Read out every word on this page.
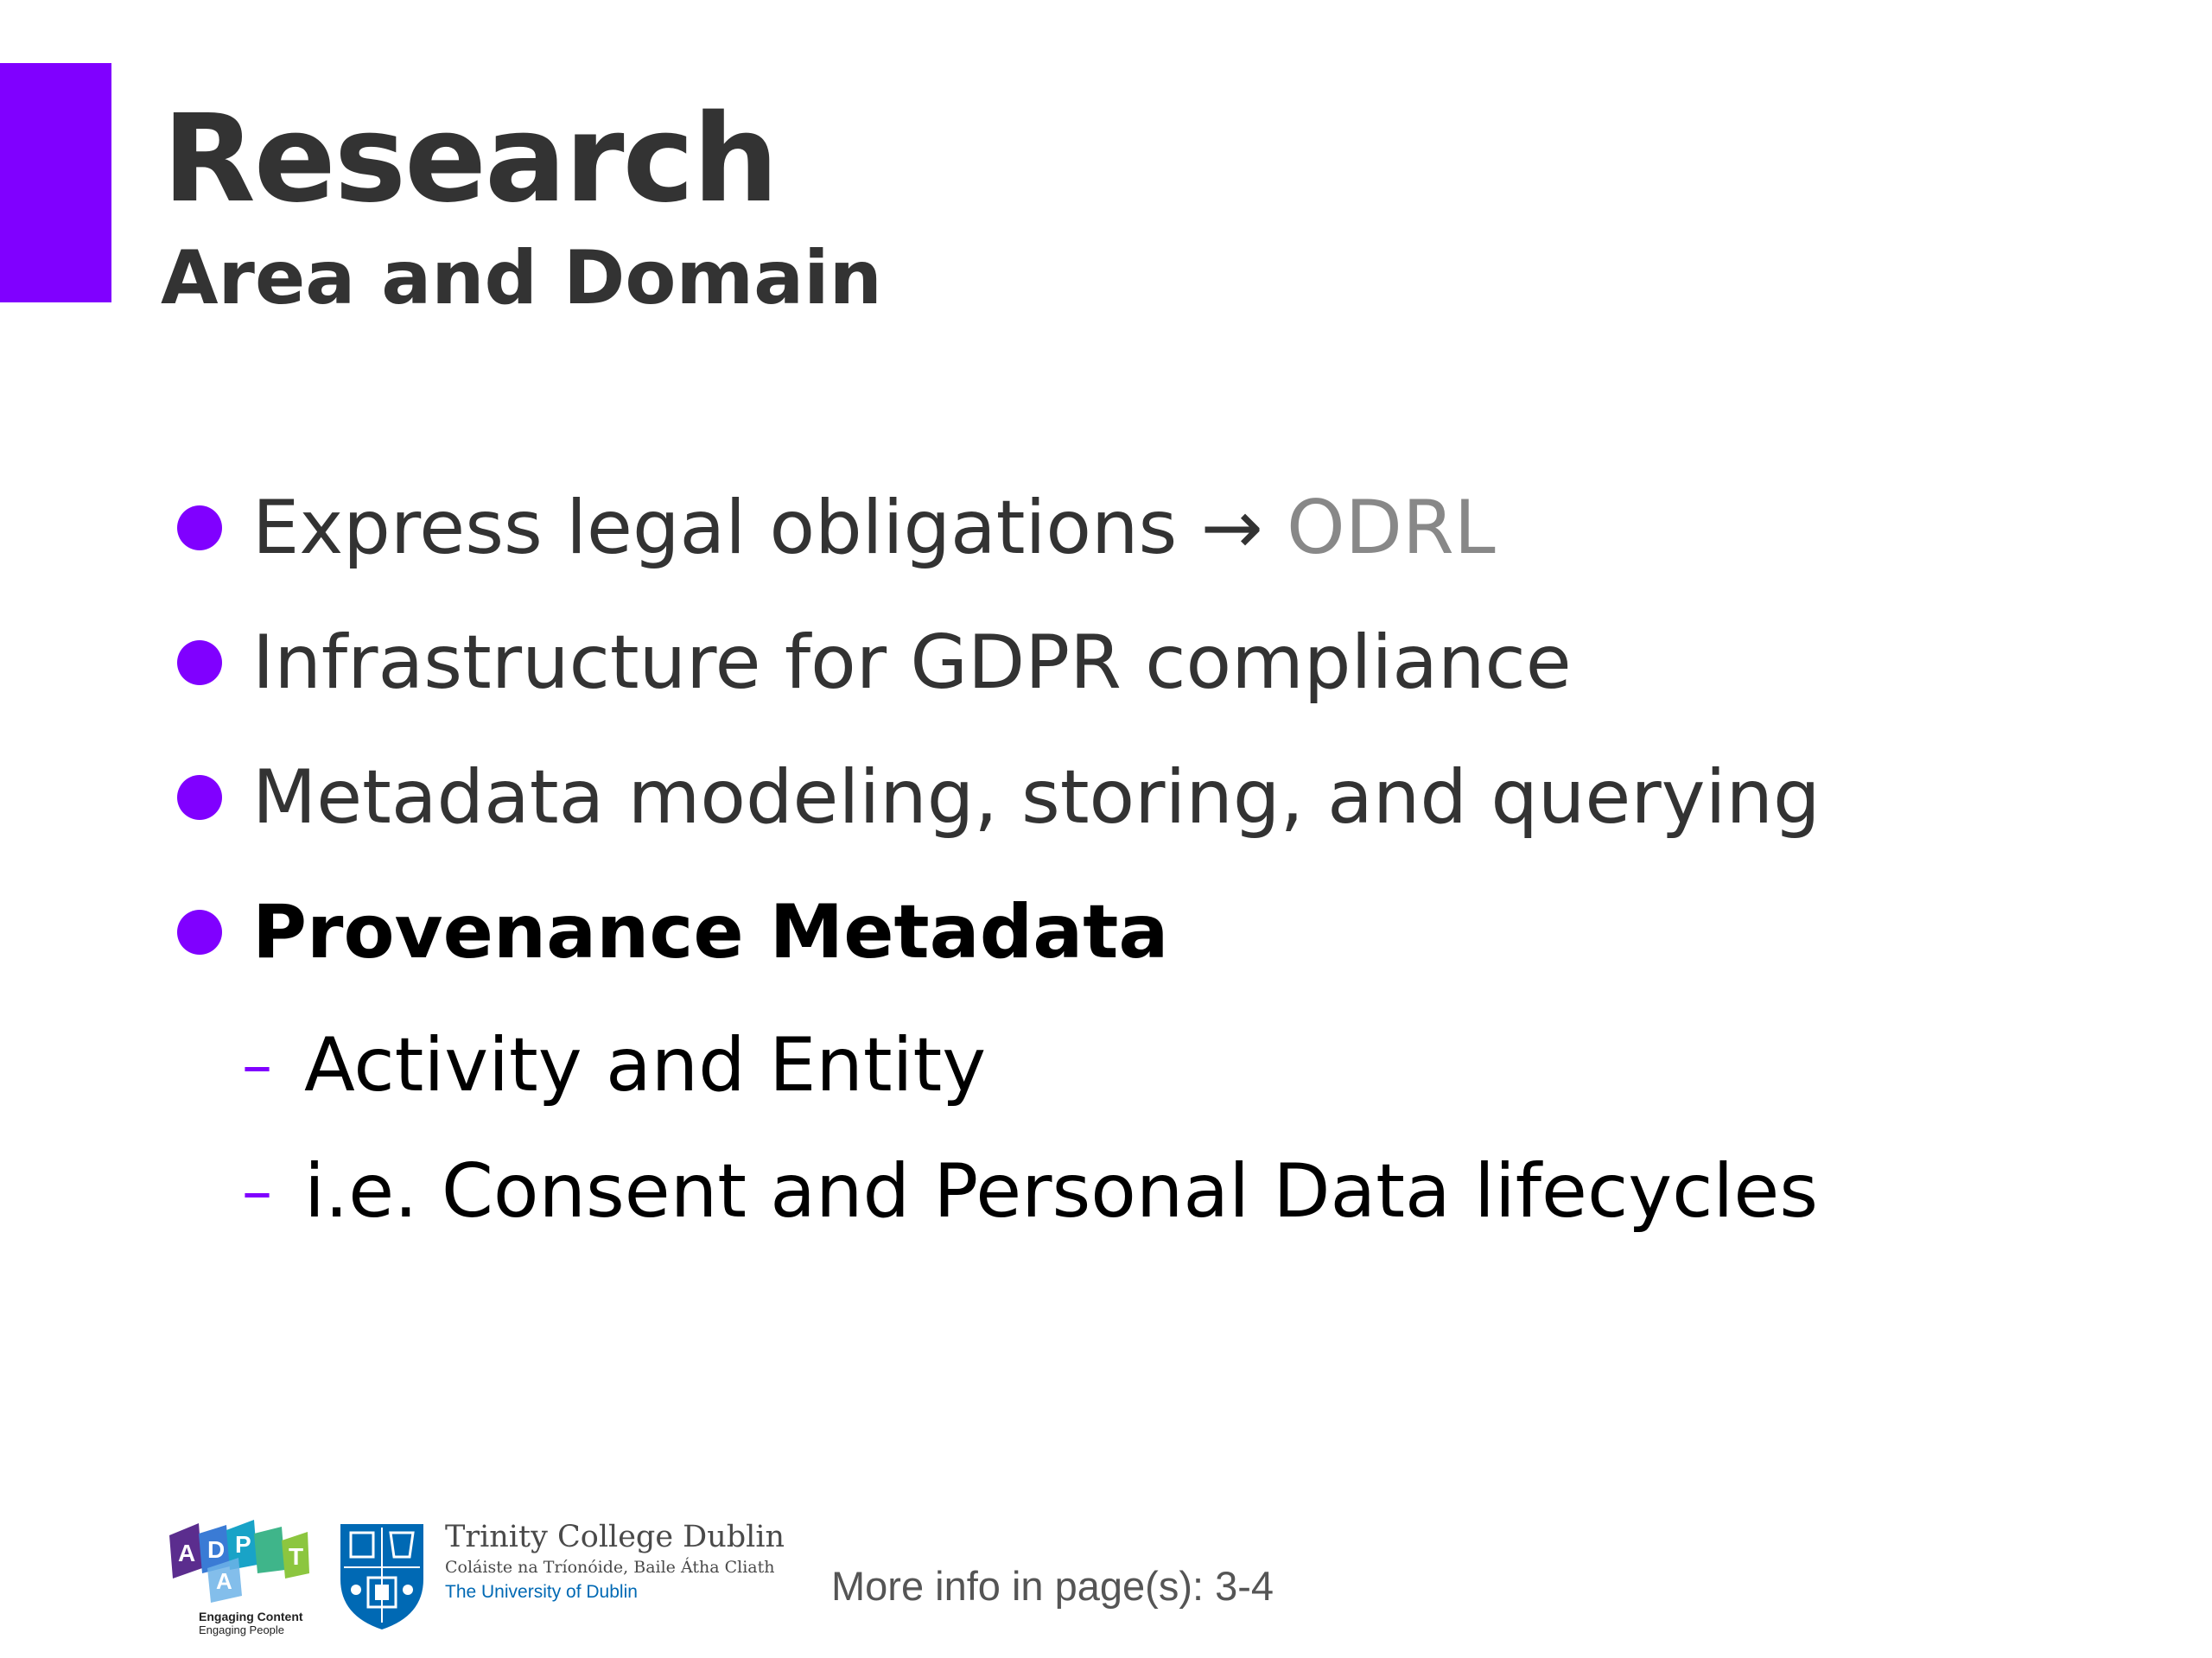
Research
Area and Domain
Express legal obligations → ODRL
Infrastructure for GDPR compliance
Metadata modeling, storing, and querying
Provenance Metadata
– Activity and Entity
– i.e. Consent and Personal Data lifecycles
A D
A
P T
Engaging Content
Engaging People
Trinity College Dublin
Coláiste na Tríonóide, Baile Átha Cliath
The University of Dublin	More info in page(s): 3-4
